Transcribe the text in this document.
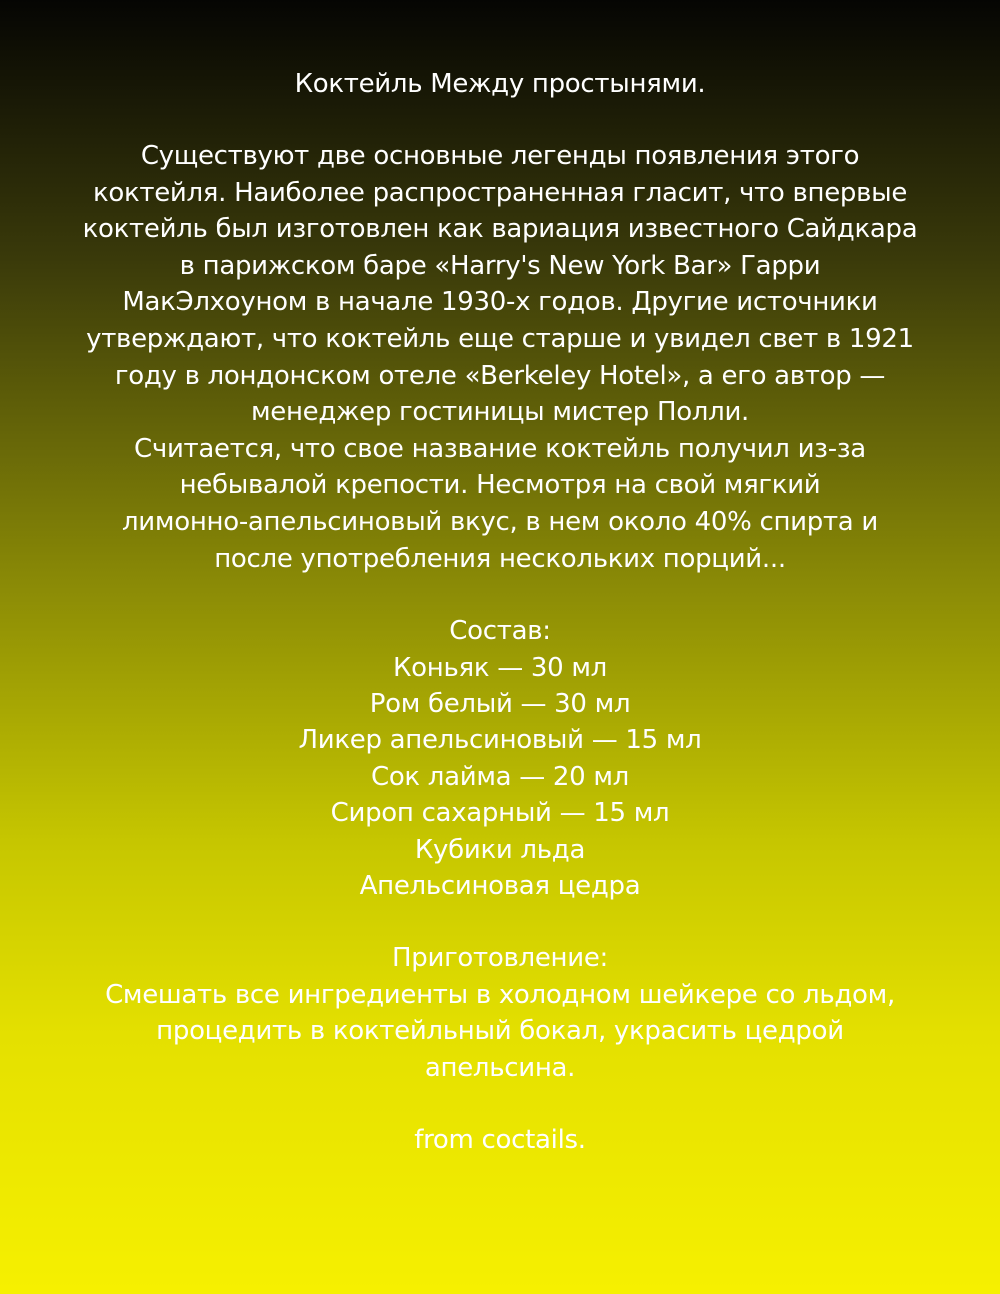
Коктейль Между простынями.
Существуют две основные легенды появления этого
коктейля. Наиболее распространенная гласит, что впервые
коктейль был изготовлен как вариация известного Сайдкара
в парижском баре «Harry's New York Bar» Гарри
МакЭлхоуном в начале 1930-х годов. Другие источники
утверждают, что коктейль еще старше и увидел свет в 1921
году в лондонском отеле «Berkeley Hotel», а его автор —
менеджер гостиницы мистер Полли.
Считается, что свое название коктейль получил из-за
небывалой крепости. Несмотря на свой мягкий
лимонно-апельсиновый вкус, в нем около 40% спирта и
после употребления нескольких порций...
Состав:
Коньяк — 30 мл
Ром белый — 30 мл
Ликер апельсиновый — 15 мл
Сок лайма — 20 мл
Сироп сахарный — 15 мл
Кубики льда
Апельсиновая цедра
Приготовление:
Смешать все ингредиенты в холодном шейкере со льдом,
процедить в коктейльный бокал, украсить цедрой
апельсина.
from coctails.
